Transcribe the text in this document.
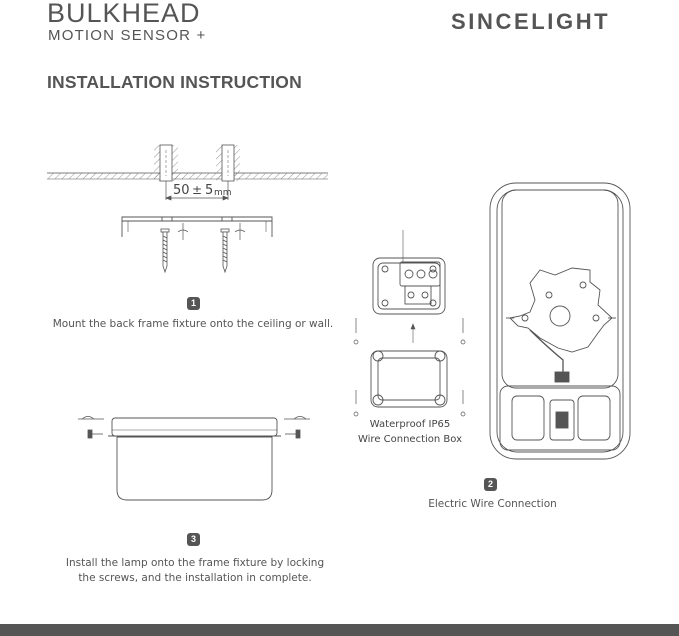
BULKHEAD
MOTION SENSOR +
SINCELIGHT
INSTALLATION INSTRUCTION
50 ± 5 mm
Waterproof IP65
Wire Connection Box
1
Mount the back frame fixture onto the ceiling or wall.
2
Electric Wire Connection
3
Install the lamp onto the frame fixture by locking
the screws, and the installation in complete.
